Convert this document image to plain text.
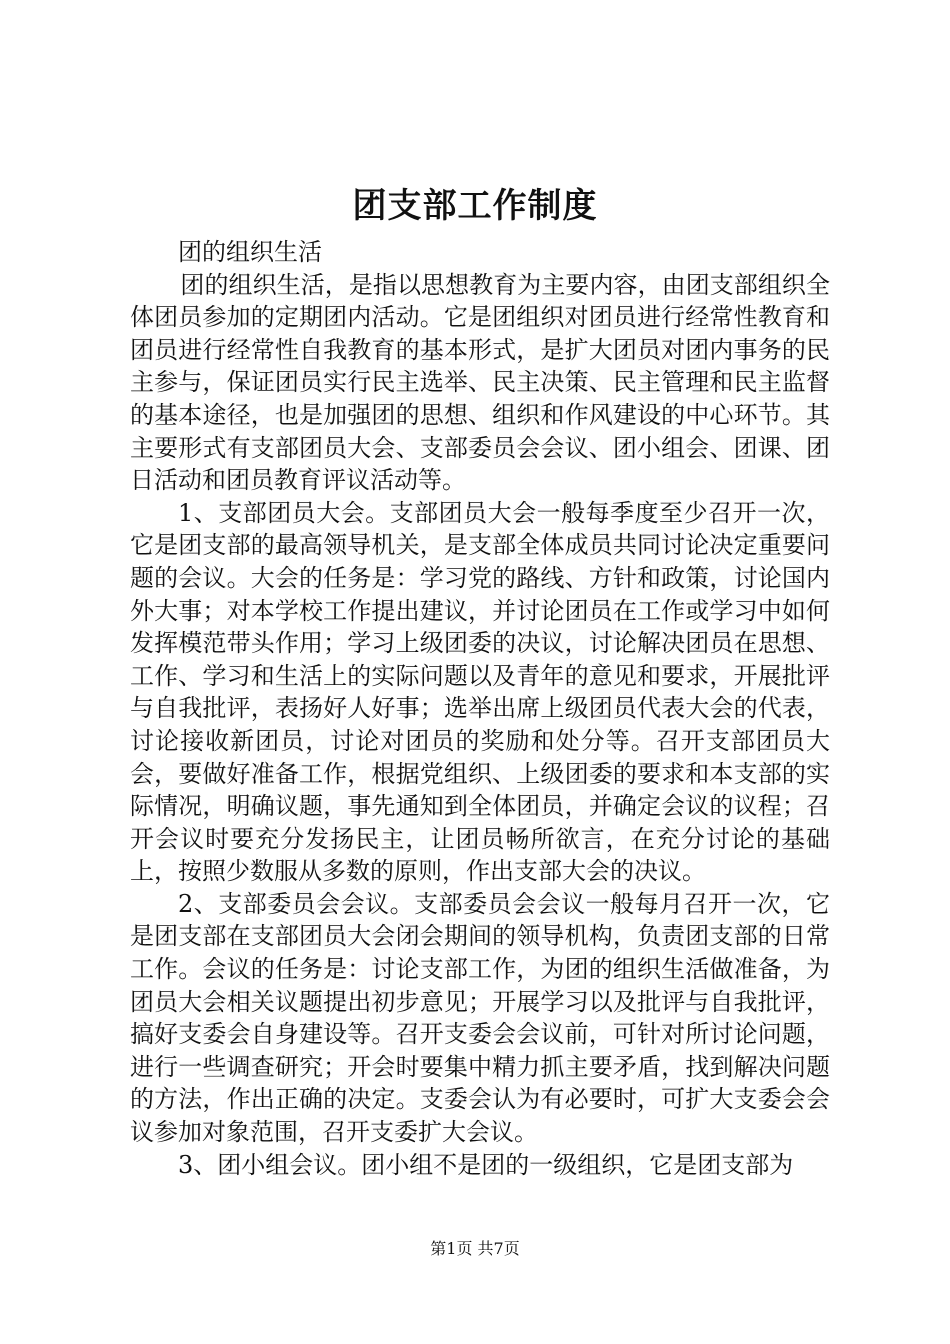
团支部工作制度

团的组织生活

团的组织生活，是指以思想教育为主要内容，由团支部组织全体团员参加的定期团内活动。它是团组织对团员进行经常性教育和团员进行经常性自我教育的基本形式，是扩大团员对团内事务的民主参与，保证团员实行民主选举、民主决策、民主管理和民主监督的基本途径，也是加强团的思想、组织和作风建设的中心环节。其主要形式有支部团员大会、支部委员会会议、团小组会、团课、团日活动和团员教育评议活动等。

1、支部团员大会。支部团员大会一般每季度至少召开一次，它是团支部的最高领导机关，是支部全体成员共同讨论决定重要问题的会议。大会的任务是：学习党的路线、方针和政策，讨论国内外大事；对本学校工作提出建议，并讨论团员在工作或学习中如何发挥模范带头作用；学习上级团委的决议，讨论解决团员在思想、工作、学习和生活上的实际问题以及青年的意见和要求，开展批评与自我批评，表扬好人好事；选举出席上级团员代表大会的代表，讨论接收新团员，讨论对团员的奖励和处分等。召开支部团员大会，要做好准备工作，根据党组织、上级团委的要求和本支部的实际情况，明确议题，事先通知到全体团员，并确定会议的议程；召开会议时要充分发扬民主，让团员畅所欲言，在充分讨论的基础上，按照少数服从多数的原则，作出支部大会的决议。

2、支部委员会会议。支部委员会会议一般每月召开一次，它是团支部在支部团员大会闭会期间的领导机构，负责团支部的日常工作。会议的任务是：讨论支部工作，为团的组织生活做准备，为团员大会相关议题提出初步意见；开展学习以及批评与自我批评，搞好支委会自身建设等。召开支委会会议前，可针对所讨论问题，进行一些调查研究；开会时要集中精力抓主要矛盾，找到解决问题的方法，作出正确的决定。支委会认为有必要时，可扩大支委会会议参加对象范围，召开支委扩大会议。

3、团小组会议。团小组不是团的一级组织，它是团支部为

第1页 共7页
